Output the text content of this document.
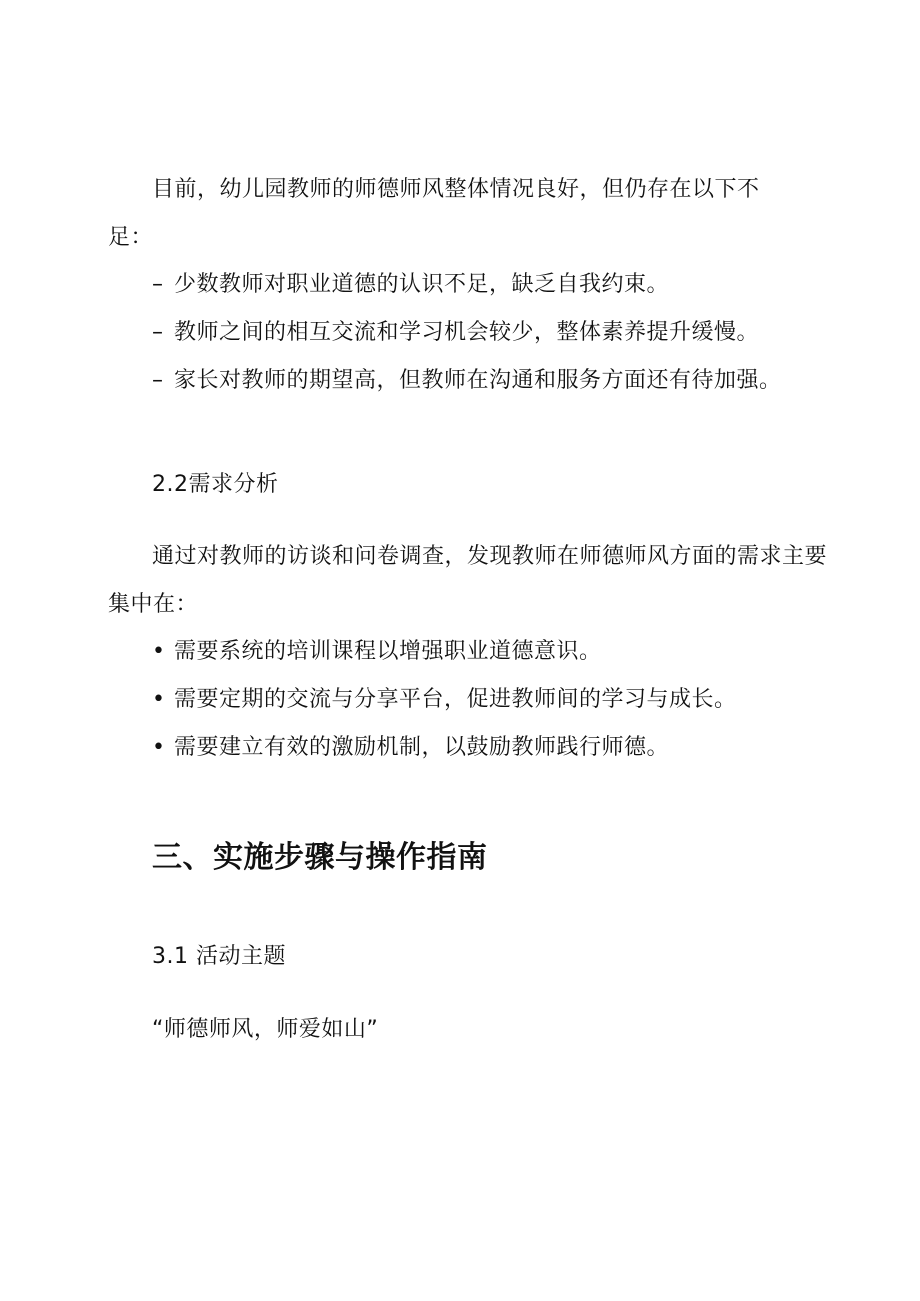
目前，幼儿园教师的师德师风整体情况良好，但仍存在以下不
足：
– 少数教师对职业道德的认识不足，缺乏自我约束。
– 教师之间的相互交流和学习机会较少，整体素养提升缓慢。
– 家长对教师的期望高，但教师在沟通和服务方面还有待加强。
2.2需求分析
通过对教师的访谈和问卷调查，发现教师在师德师风方面的需求主要
集中在：
• 需要系统的培训课程以增强职业道德意识。
• 需要定期的交流与分享平台，促进教师间的学习与成长。
• 需要建立有效的激励机制，以鼓励教师践行师德。
三、实施步骤与操作指南
3.1 活动主题
“师德师风，师爱如山”
